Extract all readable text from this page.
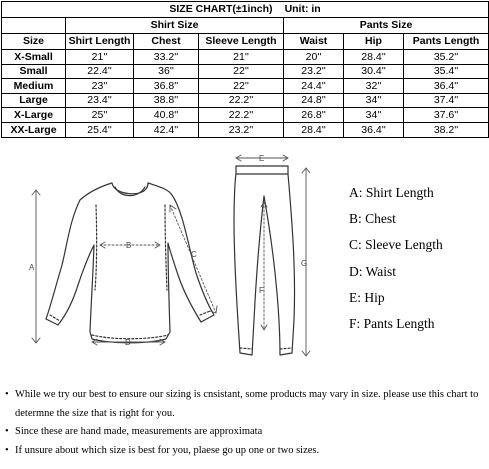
SIZE CHART(±1inch) Unit: in						
	Shirt Size			Pants Size		
Size	Shirt Length	Chest	Sleeve Length	Waist	Hip	Pants Length
X-Small	21''	33.2''	21''	20''	28.4''	35.2''
Small	22.4''	36''	22''	23.2''	30.4''	35.4''
Medium	23''	36.8''	22''	24.4''	32''	36.4''
Large	23.4''	38.8''	22.2''	24.8''	34''	37.4''
X-Large	25''	40.8''	22.2''	26.8''	34''	37.6''
XX-Large	25.4''	42.4''	23.2''	28.4''	36.4''	38.2''
A
B
C
D
E
F
G
A: Shirt Length
B: Chest
C: Sleeve Length
D: Waist
E: Hip
F: Pants Length
• While we try our best to ensure our sizing is cnsistant, some products may vary in size. please use this chart to determne the size that is right for you.
• Since these are hand made, measurements are approximata
• If unsure about which size is best for you, plaese go up one or two sizes.
